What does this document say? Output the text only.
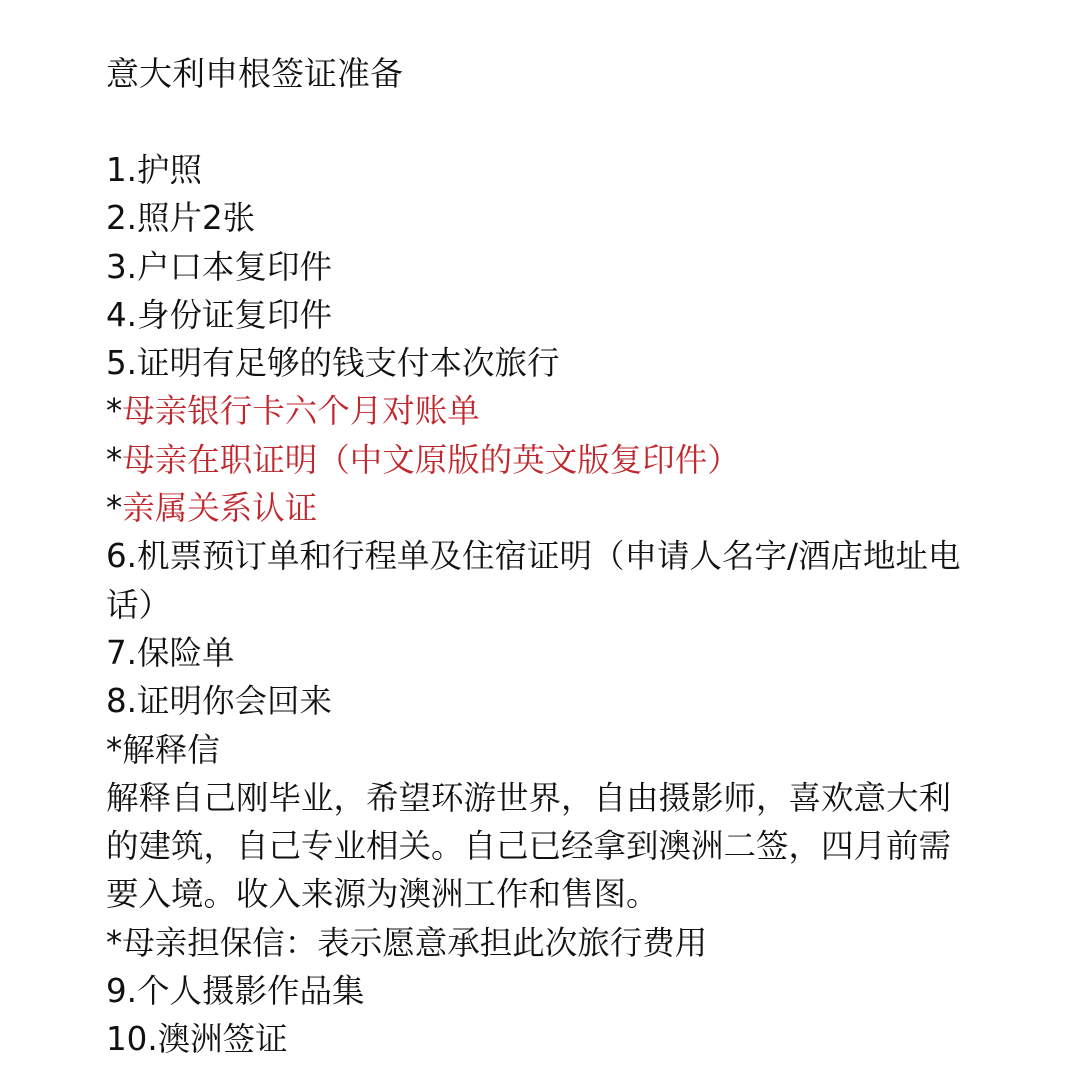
意大利申根签证准备
1.护照
2.照片2张
3.户口本复印件
4.身份证复印件
5.证明有足够的钱支付本次旅行
*母亲银行卡六个月对账单
*母亲在职证明（中文原版的英文版复印件）
*亲属关系认证
6.机票预订单和行程单及住宿证明（申请人名字/酒店地址电话）
7.保险单
8.证明你会回来
*解释信
解释自己刚毕业，希望环游世界，自由摄影师，喜欢意大利的建筑，自己专业相关。自己已经拿到澳洲二签，四月前需要入境。收入来源为澳洲工作和售图。
*母亲担保信：表示愿意承担此次旅行费用
9.个人摄影作品集
10.澳洲签证
